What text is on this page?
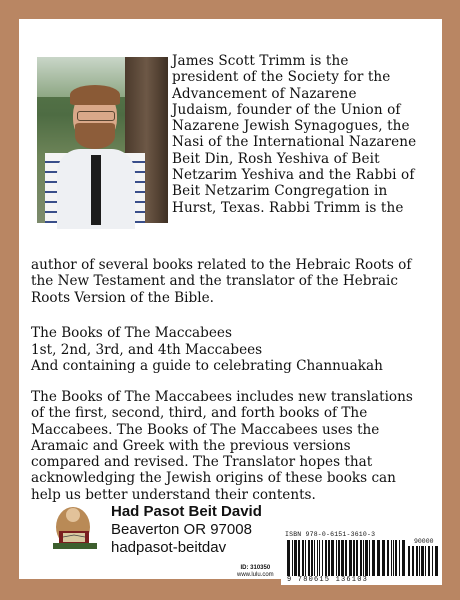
James Scott Trimm is the
president of the Society for the
Advancement of Nazarene
Judaism, founder of the Union of
Nazarene Jewish Synagogues, the
Nasi of the International Nazarene
Beit Din, Rosh Yeshiva of Beit
Netzarim Yeshiva and the Rabbi of
Beit Netzarim Congregation in
Hurst, Texas. Rabbi Trimm is the
author of several books related to the Hebraic Roots of
the New Testament and the translator of the Hebraic
Roots Version of the Bible.
The Books of The Maccabees
1st, 2nd, 3rd, and 4th Maccabees
And containing a guide to celebrating Channuakah
The Books of The Maccabees includes new translations
of the first, second, third, and forth books of The
Maccabees. The Books of The Maccabees uses the
Aramaic and Greek with the previous versions
compared and revised. The Translator hopes that
acknowledging the Jewish origins of these books can
help us better understand their contents.
Had Pasot Beit David
Beaverton OR 97008
hadpasot-beitdav
ID: 310350
www.lulu.com
ISBN 978-0-6151-3610-3
90000
9 780615 136103
